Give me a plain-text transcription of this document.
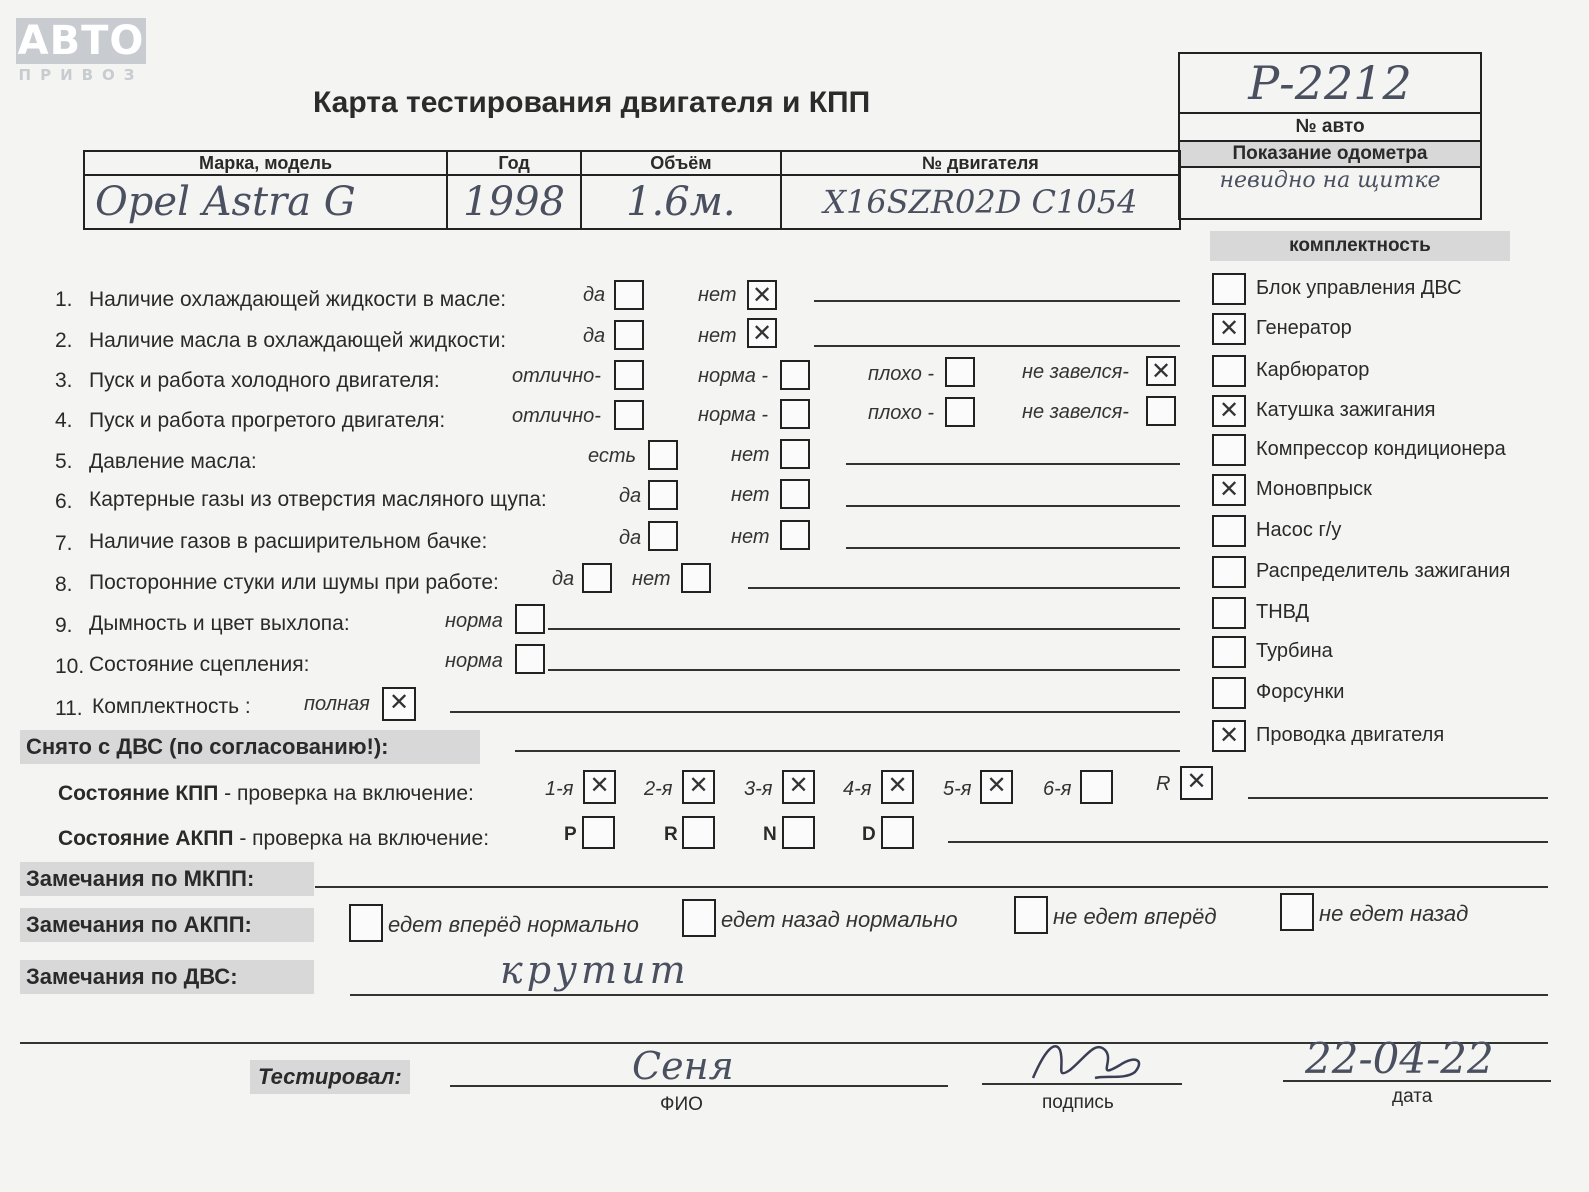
АВТО
ПРИВОЗ
Карта тестирования двигателя и КПП	Р-2212
№ авто
Показание одометра
невидно на щитке
Марка, модель	Год	Объём	№ двигателя
Opel Astra G	1998	1.6м.	X16SZR02D C1054
комплектность
Блок управления ДВС
✕ Генератор
Карбюратор
✕ Катушка зажигания
Компрессор кондиционера
✕ Моновпрыск
Насос г/у
Распределитель зажигания
ТНВД
Турбина
Форсунки
✕ Проводка двигателя
1. Наличие охлаждающей жидкости в масле:	да	нет ✕
2. Наличие масла в охлаждающей жидкости:	да	нет ✕
3. Пуск и работа холодного двигателя:	отлично-	норма -	плохо -	не завелся- ✕
4. Пуск и работа прогретого двигателя:	отлично-	норма -	плохо -	не завелся-
5. Давление масла:	есть	нет
6. Картерные газы из отверстия масляного щупа:	да	нет
7. Наличие газов в расширительном бачке:	да	нет
8. Посторонние стуки или шумы при работе:	да	нет
9. Дымность и цвет выхлопа:	норма
10. Состояние сцепления:	норма
11. Комплектность :	полная ✕
Снято с ДВС (по согласованию!):
Состояние КПП - проверка на включение:	1-я ✕	2-я ✕	3-я ✕	4-я ✕	5-я ✕	6-я	R ✕
Состояние АКПП - проверка на включение:	P	R	N	D
Замечания по МКПП:
Замечания по АКПП:	едет вперёд нормально	едет назад нормально	не едет вперёд	не едет назад
Замечания по ДВС:	крутит
Тестировал:	Сеня
ФИО	подпись
22-04-22
дата
